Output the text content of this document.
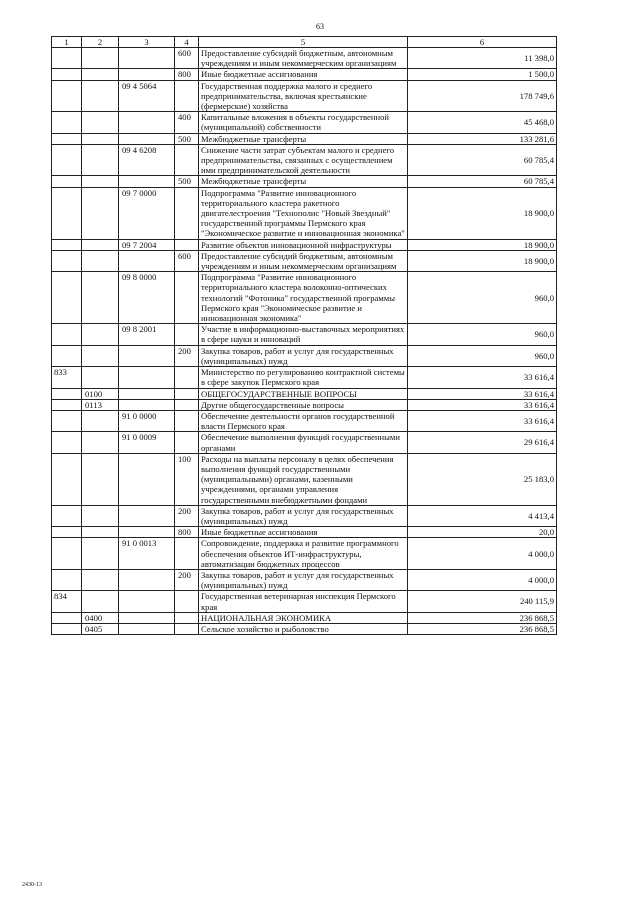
63
1	2	3	4	5	6
			600	Предоставление субсидий бюджетным, автономным учреждениям и иным некоммерческим организациям	11 398,0
			800	Иные бюджетные ассигнования	1 500,0
		09 4 5064		Государственная поддержка малого и среднего предпринимательства, включая крестьянские (фермерские) хозяйства	178 749,6
			400	Капитальные вложения в объекты государственной (муниципальной) собственности	45 468,0
			500	Межбюджетные трансферты	133 281,6
		09 4 6208		Снижение части затрат субъектам малого и среднего предпринимательства, связанных с осуществлением ими предпринимательской деятельности	60 785,4
			500	Межбюджетные трансферты	60 785,4
		09 7 0000		Подпрограмма "Развитие инновационного территориального кластера ракетного двигателестроения "Технополис "Новый Звездный" государственной программы Пермского края "Экономическое развитие и инновационная экономика"	18 900,0
		09 7 2004		Развитие объектов инновационной инфраструктуры	18 900,0
			600	Предоставление субсидий бюджетным, автономным учреждениям и иным некоммерческим организациям	18 900,0
		09 8 0000		Подпрограмма "Развитие инновационного территориального кластера волоконно-оптических технологий "Фотоника" государственной программы Пермского края "Экономическое развитие и инновационная экономика"	960,0
		09 8 2001		Участие в информационно-выставочных мероприятиях в сфере науки и инноваций	960,0
			200	Закупка товаров, работ и услуг для государственных (муниципальных) нужд	960,0
833				Министерство по регулированию контрактной системы в сфере закупок Пермского края	33 616,4
	0100			ОБЩЕГОСУДАРСТВЕННЫЕ ВОПРОСЫ	33 616,4
	0113			Другие общегосударственные вопросы	33 616,4
		91 0 0000		Обеспечение деятельности органов государственной власти Пермского края	33 616,4
		91 0 0009		Обеспечение выполнения функций государственными органами	29 616,4
			100	Расходы на выплаты персоналу в целях обеспечения выполнения функций государственными (муниципальными) органами, казенными учреждениями, органами управления государственными внебюджетными фондами	25 183,0
			200	Закупка товаров, работ и услуг для государственных (муниципальных) нужд	4 413,4
			800	Иные бюджетные ассигнования	20,0
		91 0 0013		Сопровождение, поддержка и развитие программного обеспечения объектов ИТ-инфраструктуры, автоматизации бюджетных процессов	4 000,0
			200	Закупка товаров, работ и услуг для государственных (муниципальных) нужд	4 000,0
834				Государственная ветеринарная инспекция Пермского края	240 115,9
	0400			НАЦИОНАЛЬНАЯ ЭКОНОМИКА	236 868,5
	0405			Сельское хозяйство и рыболовство	236 868,5
2430-13
